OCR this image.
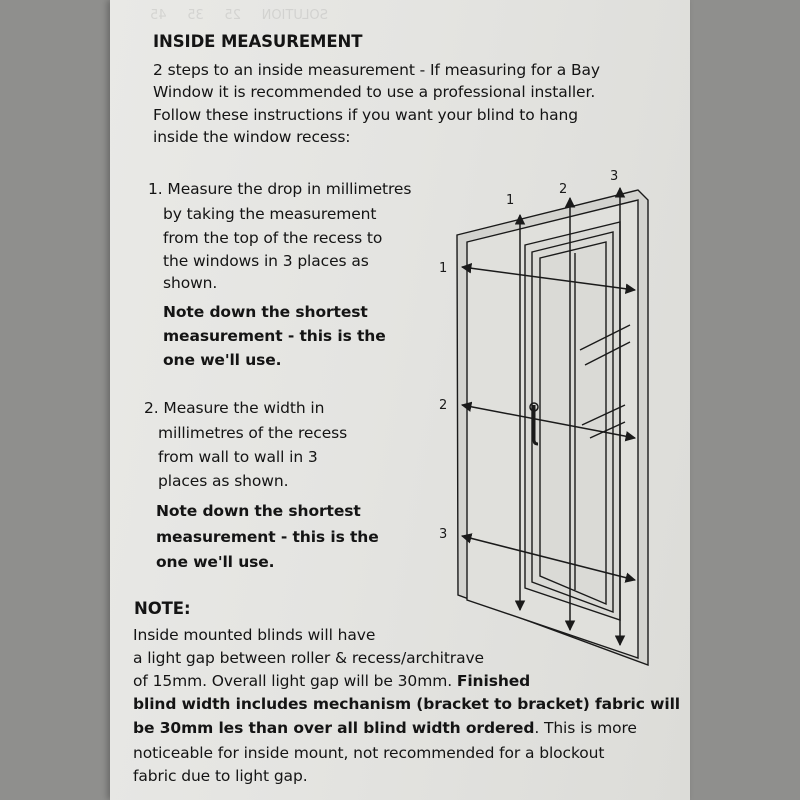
SOLUTION     25     35     45
INSIDE MEASUREMENT
2 steps to an inside measurement - If measuring for a Bay
Window it is recommended to use a professional installer.
Follow these instructions if you want your blind to hang
inside the window recess:
1. Measure the drop in millimetres
by taking the measurement
from the top of the recess to
the windows in 3 places as
shown.
Note down the shortest
measurement - this is the
one we'll use.
2. Measure the width in
millimetres of the recess
from wall to wall in 3
places as shown.
Note down the shortest
measurement - this is the
one we'll use.
1
2
3
1
2
3
NOTE:
Inside mounted blinds will have
a light gap between roller & recess/architrave
of 15mm. Overall light gap will be 30mm. Finished
blind width includes mechanism (bracket to bracket) fabric will
be 30mm les than over all blind width ordered. This is more
noticeable for inside mount, not recommended for a blockout
fabric due to light gap.
